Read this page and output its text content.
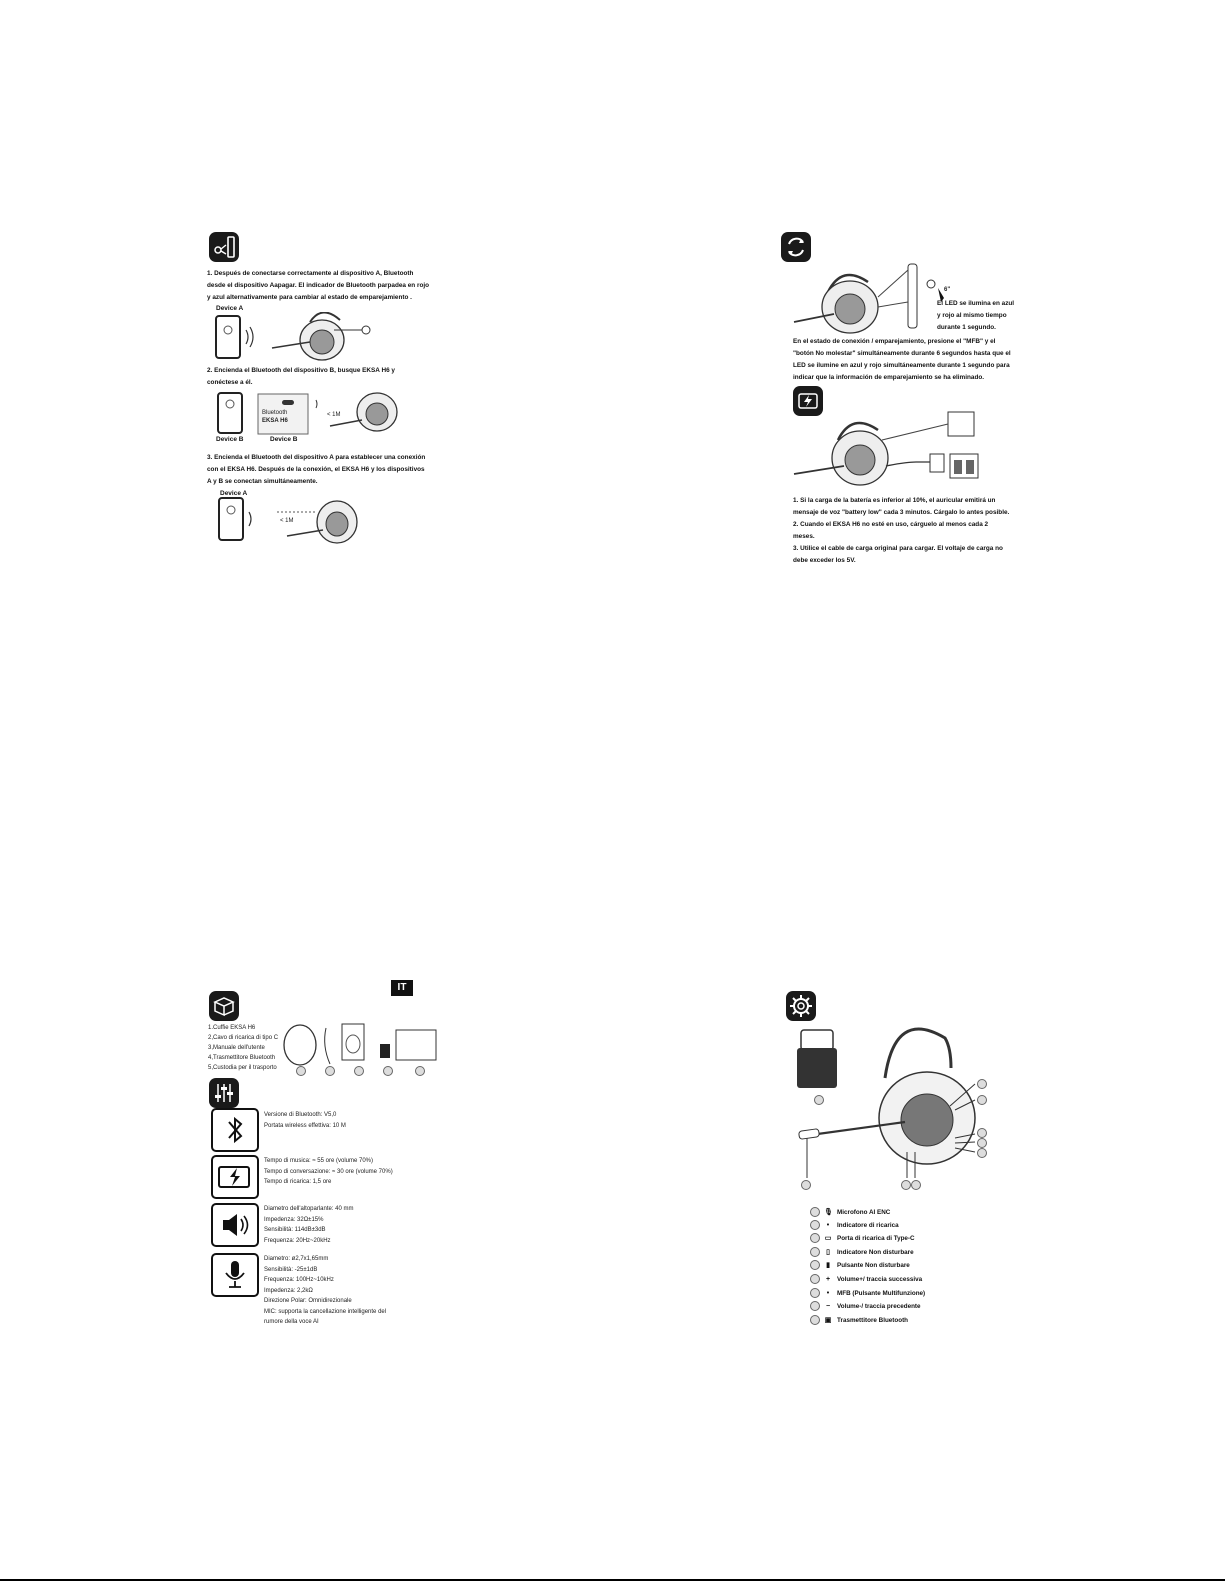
1. Después de conectarse correctamente al dispositivo A, Bluetooth
desde el dispositivo Aapagar. El indicador de Bluetooth parpadea en rojo
y azul alternativamente para cambiar al estado de emparejamiento .
Device A
2. Encienda el Bluetooth del dispositivo B, busque EKSA H6 y
conéctese a él.
Bluetooth
EKSA H6
< 1M
Device B	Device B
3. Encienda el Bluetooth del dispositivo A para establecer una conexión
con el EKSA H6. Después de la conexión, el EKSA H6 y los dispositivos
A y B se conectan simultáneamente.
Device A
< 1M
6"
El LED se ilumina en azul
y rojo al mismo tiempo
durante 1 segundo.
En el estado de conexión / emparejamiento, presione el "MFB" y el
"botón No molestar" simultáneamente durante 6 segundos hasta que el
LED se ilumine en azul y rojo simultáneamente durante 1 segundo para
indicar que la información de emparejamiento se ha eliminado.
1. Si la carga de la batería es inferior al 10%, el auricular emitirá un
mensaje de voz "battery low" cada 3 minutos. Cárgalo lo antes posible.
2. Cuando el EKSA H6 no esté en uso, cárguelo al menos cada 2
meses.
3. Utilice el cable de carga original para cargar. El voltaje de carga no
debe exceder los 5V.
IT
1.Cuffie EKSA H6
2,Cavo di ricarica di tipo C
3,Manuale dell'utente
4,Trasmettitore Bluetooth
5,Custodia per il trasporto
Versione di Bluetooth: V5,0
Portata wireless effettiva: 10 M
Tempo di musica: ≈ 55 ore (volume 70%)
Tempo di conversazione: ≈ 30 ore (volume 70%)
Tempo di ricarica: 1,5 ore
Diametro dell'altoparlante: 40 mm
Impedenza: 32Ω±15%
Sensibilità: 114dB±3dB
Frequenza: 20Hz~20kHz
Diametro: ø2,7x1,65mm
Sensibilità: -25±1dB
Frequenza: 100Hz~10kHz
Impedenza: 2,2kΩ
Direzione Polar: Omnidirezionale
MIC: supporta la cancellazione intelligente del
rumore della voce AI
🎙 Microfono AI ENC
• Indicatore di ricarica
▭ Porta di ricarica di Type-C
▯ Indicatore Non disturbare
▮ Pulsante Non disturbare
+ Volume+/ traccia successiva
• MFB (Pulsante Multifunzione)
− Volume-/ traccia precedente
▣ Trasmettitore Bluetooth
